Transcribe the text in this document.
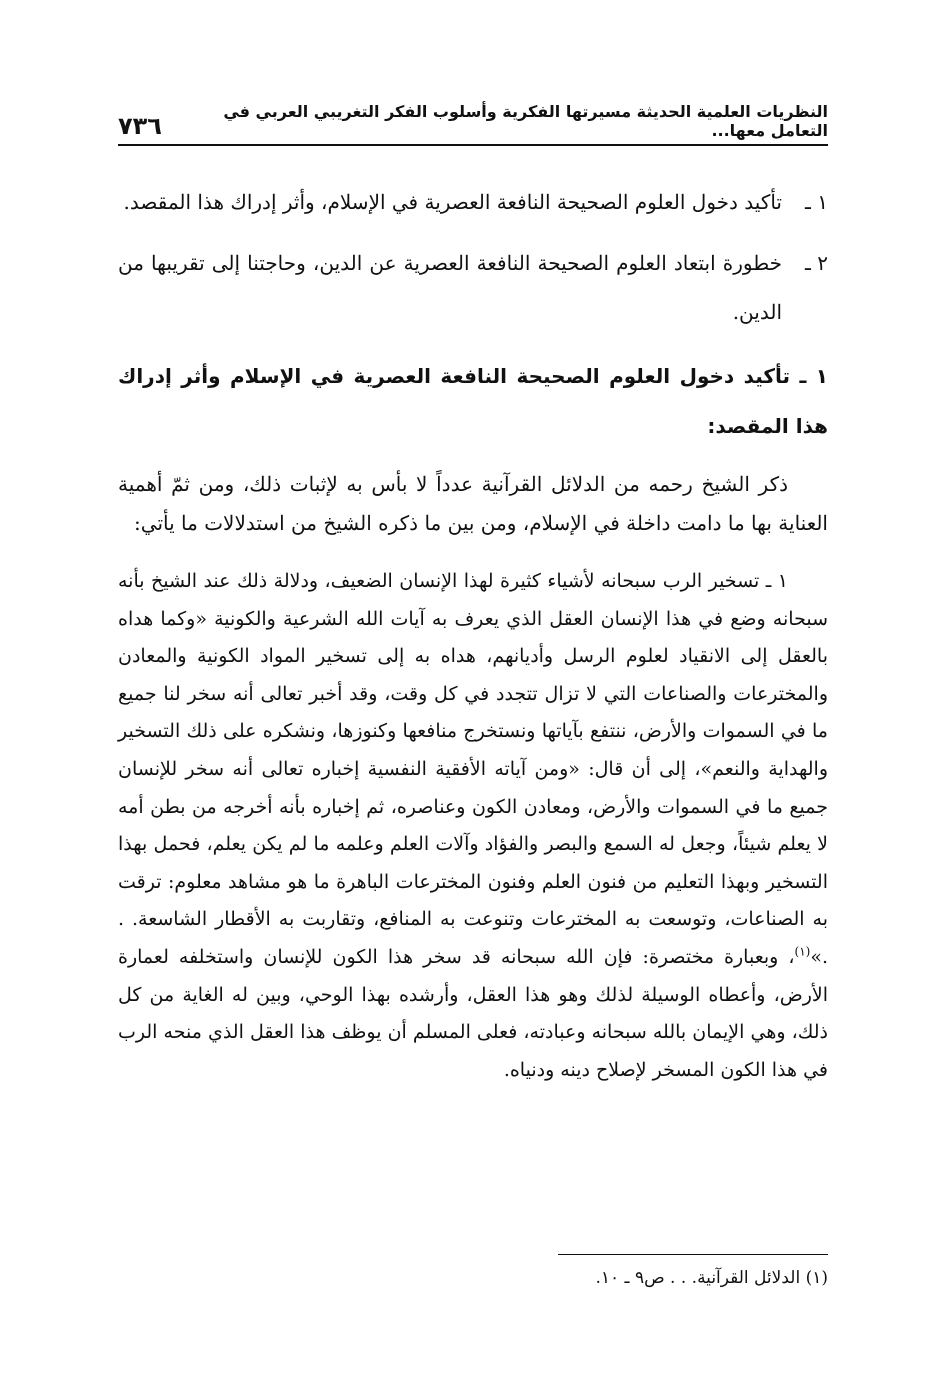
النظريات العلمية الحديثة مسيرتها الفكرية وأسلوب الفكر التغريبي العربي في التعامل معها...
٧٣٦
١ ـ
تأكيد دخول العلوم الصحيحة النافعة العصرية في الإسلام، وأثر إدراك هذا المقصد.
٢ ـ
خطورة ابتعاد العلوم الصحيحة النافعة العصرية عن الدين، وحاجتنا إلى تقريبها من الدين.
١ ـ تأكيد دخول العلوم الصحيحة النافعة العصرية في الإسلام وأثر إدراك هذا المقصد:

ذكر الشيخ رحمه من الدلائل القرآنية عدداً لا بأس به لإثبات ذلك، ومن ثمّ أهمية العناية بها ما دامت داخلة في الإسلام، ومن بين ما ذكره الشيخ من استدلالات ما يأتي:

١ ـ تسخير الرب سبحانه لأشياء كثيرة لهذا الإنسان الضعيف، ودلالة ذلك عند الشيخ بأنه سبحانه وضع في هذا الإنسان العقل الذي يعرف به آيات الله الشرعية والكونية «وكما هداه بالعقل إلى الانقياد لعلوم الرسل وأديانهم، هداه به إلى تسخير المواد الكونية والمعادن والمخترعات والصناعات التي لا تزال تتجدد في كل وقت، وقد أخبر تعالى أنه سخر لنا جميع ما في السموات والأرض، ننتفع بآياتها ونستخرج منافعها وكنوزها، ونشكره على ذلك التسخير والهداية والنعم»، إلى أن قال: «ومن آياته الأفقية النفسية إخباره تعالى أنه سخر للإنسان جميع ما في السموات والأرض، ومعادن الكون وعناصره، ثم إخباره بأنه أخرجه من بطن أمه لا يعلم شيئاً، وجعل له السمع والبصر والفؤاد وآلات العلم وعلمه ما لم يكن يعلم، فحمل بهذا التسخير وبهذا التعليم من فنون العلم وفنون المخترعات الباهرة ما هو مشاهد معلوم: ترقت به الصناعات، وتوسعت به المخترعات وتنوعت به المنافع، وتقاربت به الأقطار الشاسعة. . .»$^{(١)}$، وبعبارة مختصرة: فإن الله سبحانه قد سخر هذا الكون للإنسان واستخلفه لعمارة الأرض، وأعطاه الوسيلة لذلك وهو هذا العقل، وأرشده بهذا الوحي، وبين له الغاية من كل ذلك، وهي الإيمان بالله سبحانه وعبادته، فعلى المسلم أن يوظف هذا العقل الذي منحه الرب في هذا الكون المسخر لإصلاح دينه ودنياه.

(١) الدلائل القرآنية. . . ص٩ ـ ١٠.
